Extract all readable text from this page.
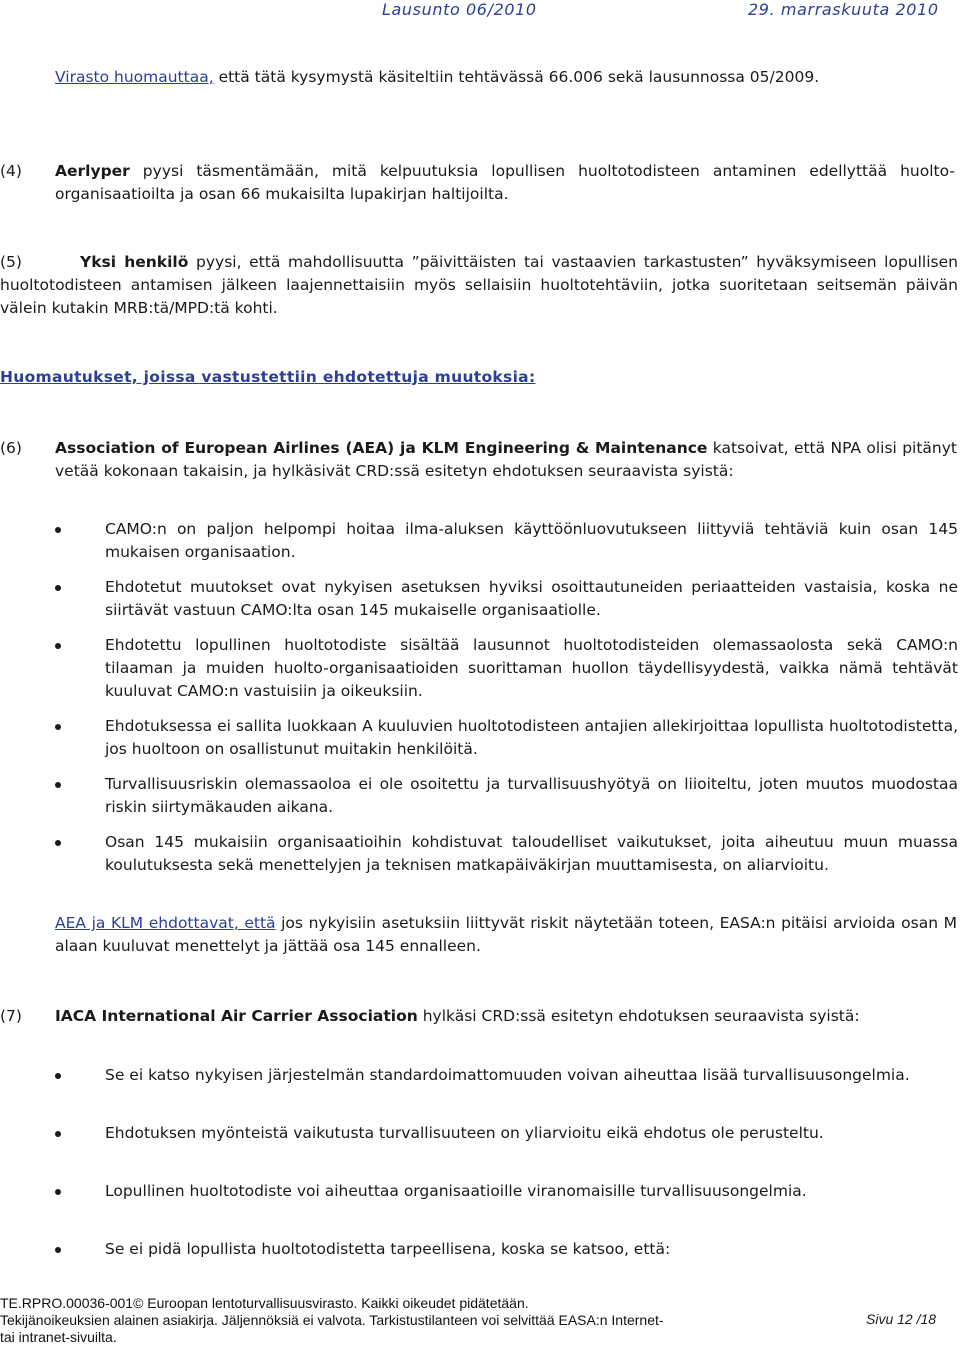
Lausunto 06/2010	29. marraskuuta 2010

Virasto huomauttaa, että tätä kysymystä käsiteltiin tehtävässä 66.006 sekä lausunnossa 05/2009.

(4) Aerlyper pyysi täsmentämään, mitä kelpuutuksia lopullisen huoltotodisteen antaminen edellyttää huolto-organisaatioilta ja osan 66 mukaisilta lupakirjan haltijoilta.

(5)	Yksi henkilö pyysi, että mahdollisuutta ”päivittäisten tai vastaavien tarkastusten” hyväksymiseen lopullisen huoltotodisteen antamisen jälkeen laajennettaisiin myös sellaisiin huoltotehtäviin, jotka suoritetaan seitsemän päivän välein kutakin MRB:tä/MPD:tä kohti.

Huomautukset, joissa vastustettiin ehdotettuja muutoksia:
(6) Association of European Airlines (AEA) ja KLM Engineering & Maintenance katsoivat, että NPA olisi pitänyt vetää kokonaan takaisin, ja hylkäsivät CRD:ssä esitetyn ehdotuksen seuraavista syistä:

CAMO:n on paljon helpompi hoitaa ilma-aluksen käyttöönluovutukseen liittyviä tehtäviä kuin osan 145 mukaisen organisaation.
Ehdotetut muutokset ovat nykyisen asetuksen hyviksi osoittautuneiden periaatteiden vastaisia, koska ne siirtävät vastuun CAMO:lta osan 145 mukaiselle organisaatiolle.
Ehdotettu lopullinen huoltotodiste sisältää lausunnot huoltotodisteiden olemassaolosta sekä CAMO:n tilaaman ja muiden huolto-organisaatioiden suorittaman huollon täydellisyydestä, vaikka nämä tehtävät kuuluvat CAMO:n vastuisiin ja oikeuksiin.
Ehdotuksessa ei sallita luokkaan A kuuluvien huoltotodisteen antajien allekirjoittaa lopullista huoltotodistetta, jos huoltoon on osallistunut muitakin henkilöitä.
Turvallisuusriskin olemassaoloa ei ole osoitettu ja turvallisuushyötyä on liioiteltu, joten muutos muodostaa riskin siirtymäkauden aikana.
Osan 145 mukaisiin organisaatioihin kohdistuvat taloudelliset vaikutukset, joita aiheutuu muun muassa koulutuksesta sekä menettelyjen ja teknisen matkapäiväkirjan muuttamisesta, on aliarvioitu.

AEA ja KLM ehdottavat, että jos nykyisiin asetuksiin liittyvät riskit näytetään toteen, EASA:n pitäisi arvioida osan M alaan kuuluvat menettelyt ja jättää osa 145 ennalleen.

(7) IACA International Air Carrier Association hylkäsi CRD:ssä esitetyn ehdotuksen seuraavista syistä:

Se ei katso nykyisen järjestelmän standardoimattomuuden voivan aiheuttaa lisää turvallisuusongelmia.
Ehdotuksen myönteistä vaikutusta turvallisuuteen on yliarvioitu eikä ehdotus ole perusteltu.
Lopullinen huoltotodiste voi aiheuttaa organisaatioille viranomaisille turvallisuusongelmia.
Se ei pidä lopullista huoltotodistetta tarpeellisena, koska se katsoo, että:
TE.RPRO.00036-001© Euroopan lentoturvallisuusvirasto. Kaikki oikeudet pidätetään.
Tekijänoikeuksien alainen asiakirja. Jäljennöksiä ei valvota. Tarkistustilanteen voi selvittää EASA:n Internet-
tai intranet-sivuilta.
Sivu 12 /18
